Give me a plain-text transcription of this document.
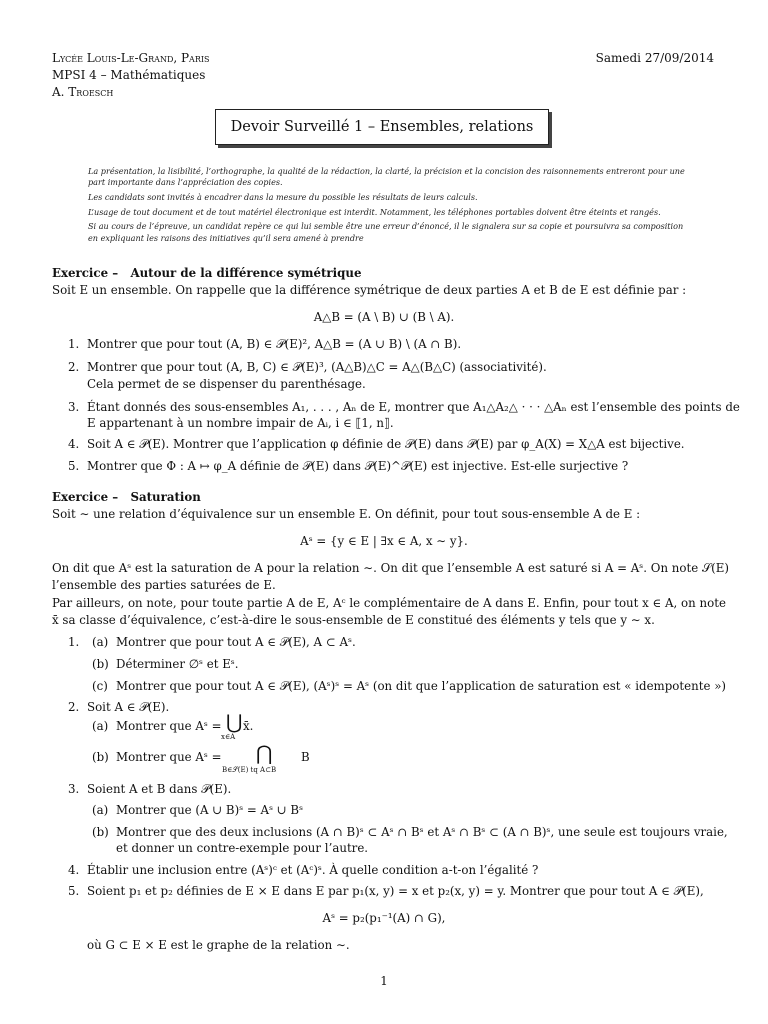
Lycée Louis-Le-Grand, Paris
MPSI 4 – Mathématiques
A. Troesch
Samedi 27/09/2014
Devoir Surveillé 1 – Ensembles, relations

La présentation, la lisibilité, l’orthographe, la qualité de la rédaction, la clarté, la précision et la concision des raisonnements entreront pour une part importante dans l’appréciation des copies.

Les candidats sont invités à encadrer dans la mesure du possible les résultats de leurs calculs.

L’usage de tout document et de tout matériel électronique est interdit. Notamment, les téléphones portables doivent être éteints et rangés.

Si au cours de l’épreuve, un candidat repère ce qui lui semble être une erreur d’énoncé, il le signalera sur sa copie et poursuivra sa composition en expliquant les raisons des initiatives qu’il sera amené à prendre

Exercice – Autour de la différence symétrique
Soit E un ensemble. On rappelle que la différence symétrique de deux parties A et B de E est définie par :
A△B = (A \ B) ∪ (B \ A).
1. Montrer que pour tout (A, B) ∈ 𝒫(E)², A△B = (A ∪ B) \ (A ∩ B).
2. Montrer que pour tout (A, B, C) ∈ 𝒫(E)³, (A△B)△C = A△(B△C) (associativité).
Cela permet de se dispenser du parenthésage.
3. Étant donnés des sous-ensembles A₁, . . . , Aₙ de E, montrer que A₁△A₂△ · · · △Aₙ est l’ensemble des points de
E appartenant à un nombre impair de Aᵢ, i ∈ ⟦1, n⟧.
4. Soit A ∈ 𝒫(E). Montrer que l’application φ définie de 𝒫(E) dans 𝒫(E) par φ_A(X) = X△A est bijective.
5. Montrer que Φ : A ↦ φ_A définie de 𝒫(E) dans 𝒫(E)^𝒫(E) est injective. Est-elle surjective ?
Exercice – Saturation
Soit ∼ une relation d’équivalence sur un ensemble E. On définit, pour tout sous-ensemble A de E :
Aˢ = {y ∈ E | ∃x ∈ A, x ∼ y}.
On dit que Aˢ est la saturation de A pour la relation ∼. On dit que l’ensemble A est saturé si A = Aˢ. On note 𝒮(E)
l’ensemble des parties saturées de E.
Par ailleurs, on note, pour toute partie A de E, Aᶜ le complémentaire de A dans E. Enfin, pour tout x ∈ A, on note
x̄ sa classe d’équivalence, c’est-à-dire le sous-ensemble de E constitué des éléments y tels que y ∼ x.
1. (a) Montrer que pour tout A ∈ 𝒫(E), A ⊂ Aˢ.
(b) Déterminer ∅ˢ et Eˢ.
(c) Montrer que pour tout A ∈ 𝒫(E), (Aˢ)ˢ = Aˢ (on dit que l’application de saturation est « idempotente »)
2. Soit A ∈ 𝒫(E).
(a) Montrer que Aˢ = ⋃
x∈A
x̄.
(b) Montrer que Aˢ = ⋂
B∈𝒮(E) tq A⊂B
B
3. Soient A et B dans 𝒫(E).
(a) Montrer que (A ∪ B)ˢ = Aˢ ∪ Bˢ
(b) Montrer que des deux inclusions (A ∩ B)ˢ ⊂ Aˢ ∩ Bˢ et Aˢ ∩ Bˢ ⊂ (A ∩ B)ˢ, une seule est toujours vraie,
et donner un contre-exemple pour l’autre.
4. Établir une inclusion entre (Aˢ)ᶜ et (Aᶜ)ˢ. À quelle condition a-t-on l’égalité ?
5. Soient p₁ et p₂ définies de E × E dans E par p₁(x, y) = x et p₂(x, y) = y. Montrer que pour tout A ∈ 𝒫(E),
Aˢ = p₂(p₁⁻¹(A) ∩ G),
où G ⊂ E × E est le graphe de la relation ∼.
1
